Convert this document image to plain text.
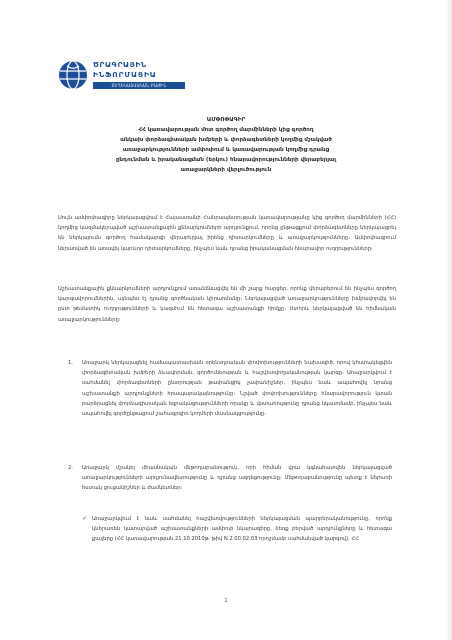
ԾՐԱԳՐԱՅԻՆ
ԻՆՖՈՐՄԱՑԻԱ
ՏԵՂԵԿԱՏՎԱԿԱՆ ԲԱԺԻՆ
ԱՄՓՈՓԱԳԻՐ
ՀՀ կառավարության մոտ գործող մարմինների կից գործող
անկախ փորձագիտական խմբերի և փորձագետների կողմից մշակված
առաջարկությունների ամփոփում և կառավարության կողմից դրանց
ընդունման և իրականացման (երկու) հնարավորությունների վերաբերյալ
առաջարկների վերլուծություն
Սույն ամփոփագիրը ներկայացվում է Հայաստանի Հանրապետության կառավարությանը կից գործող մարմինների (ՀՀ) կողմից կազմակերպված աշխատանքային քննարկումների արդյունքում, որոնց ընթացքում փորձագետները ներկայացրել են ներկայումս գործող համակարգի վերաբերյալ իրենց դիտարկումները և առաջարկությունները։ Ամփոփագրում ներառված են առավել կարևոր դիտարկումները, ինչպես նաև դրանց իրականացման հնարավոր ուղղությունները։
Աշխատանքային քննարկումների արդյունքում առանձնացվել են մի շարք հարցեր, որոնք վերաբերում են ինչպես գործող կարգավորումներին, այնպես էլ դրանց գործնական կիրառմանը։ Ներկայացված առաջարկությունները խմբավորվել են ըստ թեմատիկ ուղղությունների և կազմում են հետագա աշխատանքի հիմքը։ Ստորև ներկայացված են հիմնական առաջարկությունները։
1. Առաջարկ ներկայացնել համապատասխան օրենսդրական փոփոխությունների նախագիծ, որով կհստակեցվեն փորձագիտական խմբերի ձևավորման, գործունեության և հաշվետվողականության կարգը։ Առաջարկվում է սահմանել փորձագետների ընտրության թափանցիկ չափանիշներ, ինչպես նաև ապահովել նրանց աշխատանքի արդյունքների հրապարակայնությունը։ Նշված փոփոխությունները հնարավորություն կտան բարձրացնել փորձագիտական եզրակացությունների որակը և վստահությունը դրանց նկատմամբ, ինչպես նաև ապահովել գործընթացում շահագրգիռ կողմերի մասնակցությունը։
2. Առաջարկ մշակել միասնական մեթոդաբանություն, որի հիման վրա կգնահատվեն ներկայացված առաջարկությունների արդյունավետությունը և դրանց ազդեցությունը։ Մեթոդաբանությունը պետք է ներառի հստակ ցուցանիշներ և ժամկետներ։
✓ Առաջարկվում է նաև սահմանել հաշվետվությունների ներկայացման պարբերականությունը, որոնք կներառեն կատարված աշխատանքների ամփոփ նկարագիրը, ձեռք բերված արդյունքները և հետագա քայլերը (ՀՀ կառավարության 21.10.2010թ. թիվ N 2.00.02.03 որոշմամբ սահմանված կարգով), ՀՀ
1
